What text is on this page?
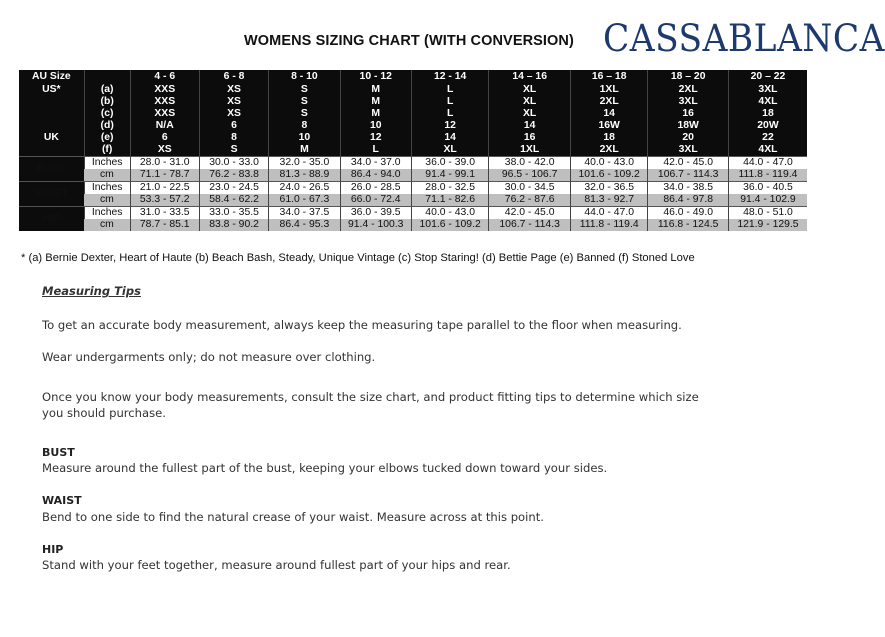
WOMENS SIZING CHART (WITH CONVERSION) CASSABLANCA
AU Size		4 - 6	6 - 8	8 - 10	10 - 12	12 - 14	14 – 16	16 – 18	18 – 20	20 – 22
US*	(a)	XXS	XS	S	M	L	XL	1XL	2XL	3XL
	(b)	XXS	XS	S	M	L	XL	2XL	3XL	4XL
	(c)	XXS	XS	S	M	L	XL	14	16	18
	(d)	N/A	6	8	10	12	14	16W	18W	20W
UK	(e)	6	8	10	12	14	16	18	20	22
	(f)	XS	S	M	L	XL	1XL	2XL	3XL	4XL
BUST	Inches	28.0 - 31.0	30.0 - 33.0	32.0 - 35.0	34.0 - 37.0	36.0 - 39.0	38.0 - 42.0	40.0 - 43.0	42.0 - 45.0	44.0 - 47.0
	cm	71.1 - 78.7	76.2 - 83.8	81.3 - 88.9	86.4 - 94.0	91.4 - 99.1	96.5 - 106.7	101.6 - 109.2	106.7 - 114.3	111.8 - 119.4
WAIST	Inches	21.0 - 22.5	23.0 - 24.5	24.0 - 26.5	26.0 - 28.5	28.0 - 32.5	30.0 - 34.5	32.0 - 36.5	34.0 - 38.5	36.0 - 40.5
	cm	53.3 - 57.2	58.4 - 62.2	61.0 - 67.3	66.0 - 72.4	71.1 - 82.6	76.2 - 87.6	81.3 - 92.7	86.4 - 97.8	91.4 - 102.9
HIP	Inches	31.0 - 33.5	33.0 - 35.5	34.0 - 37.5	36.0 - 39.5	40.0 - 43.0	42.0 - 45.0	44.0 - 47.0	46.0 - 49.0	48.0 - 51.0
	cm	78.7 - 85.1	83.8 - 90.2	86.4 - 95.3	91.4 - 100.3	101.6 - 109.2	106.7 - 114.3	111.8 - 119.4	116.8 - 124.5	121.9 - 129.5
* (a) Bernie Dexter, Heart of Haute (b) Beach Bash, Steady, Unique Vintage (c) Stop Staring! (d) Bettie Page (e) Banned (f) Stoned Love
Measuring Tips
To get an accurate body measurement, always keep the measuring tape parallel to the floor when measuring.
Wear undergarments only; do not measure over clothing.
Once you know your body measurements, consult the size chart, and product fitting tips to determine which size
you should purchase.
BUST
Measure around the fullest part of the bust, keeping your elbows tucked down toward your sides.
WAIST
Bend to one side to find the natural crease of your waist. Measure across at this point.
HIP
Stand with your feet together, measure around fullest part of your hips and rear.
